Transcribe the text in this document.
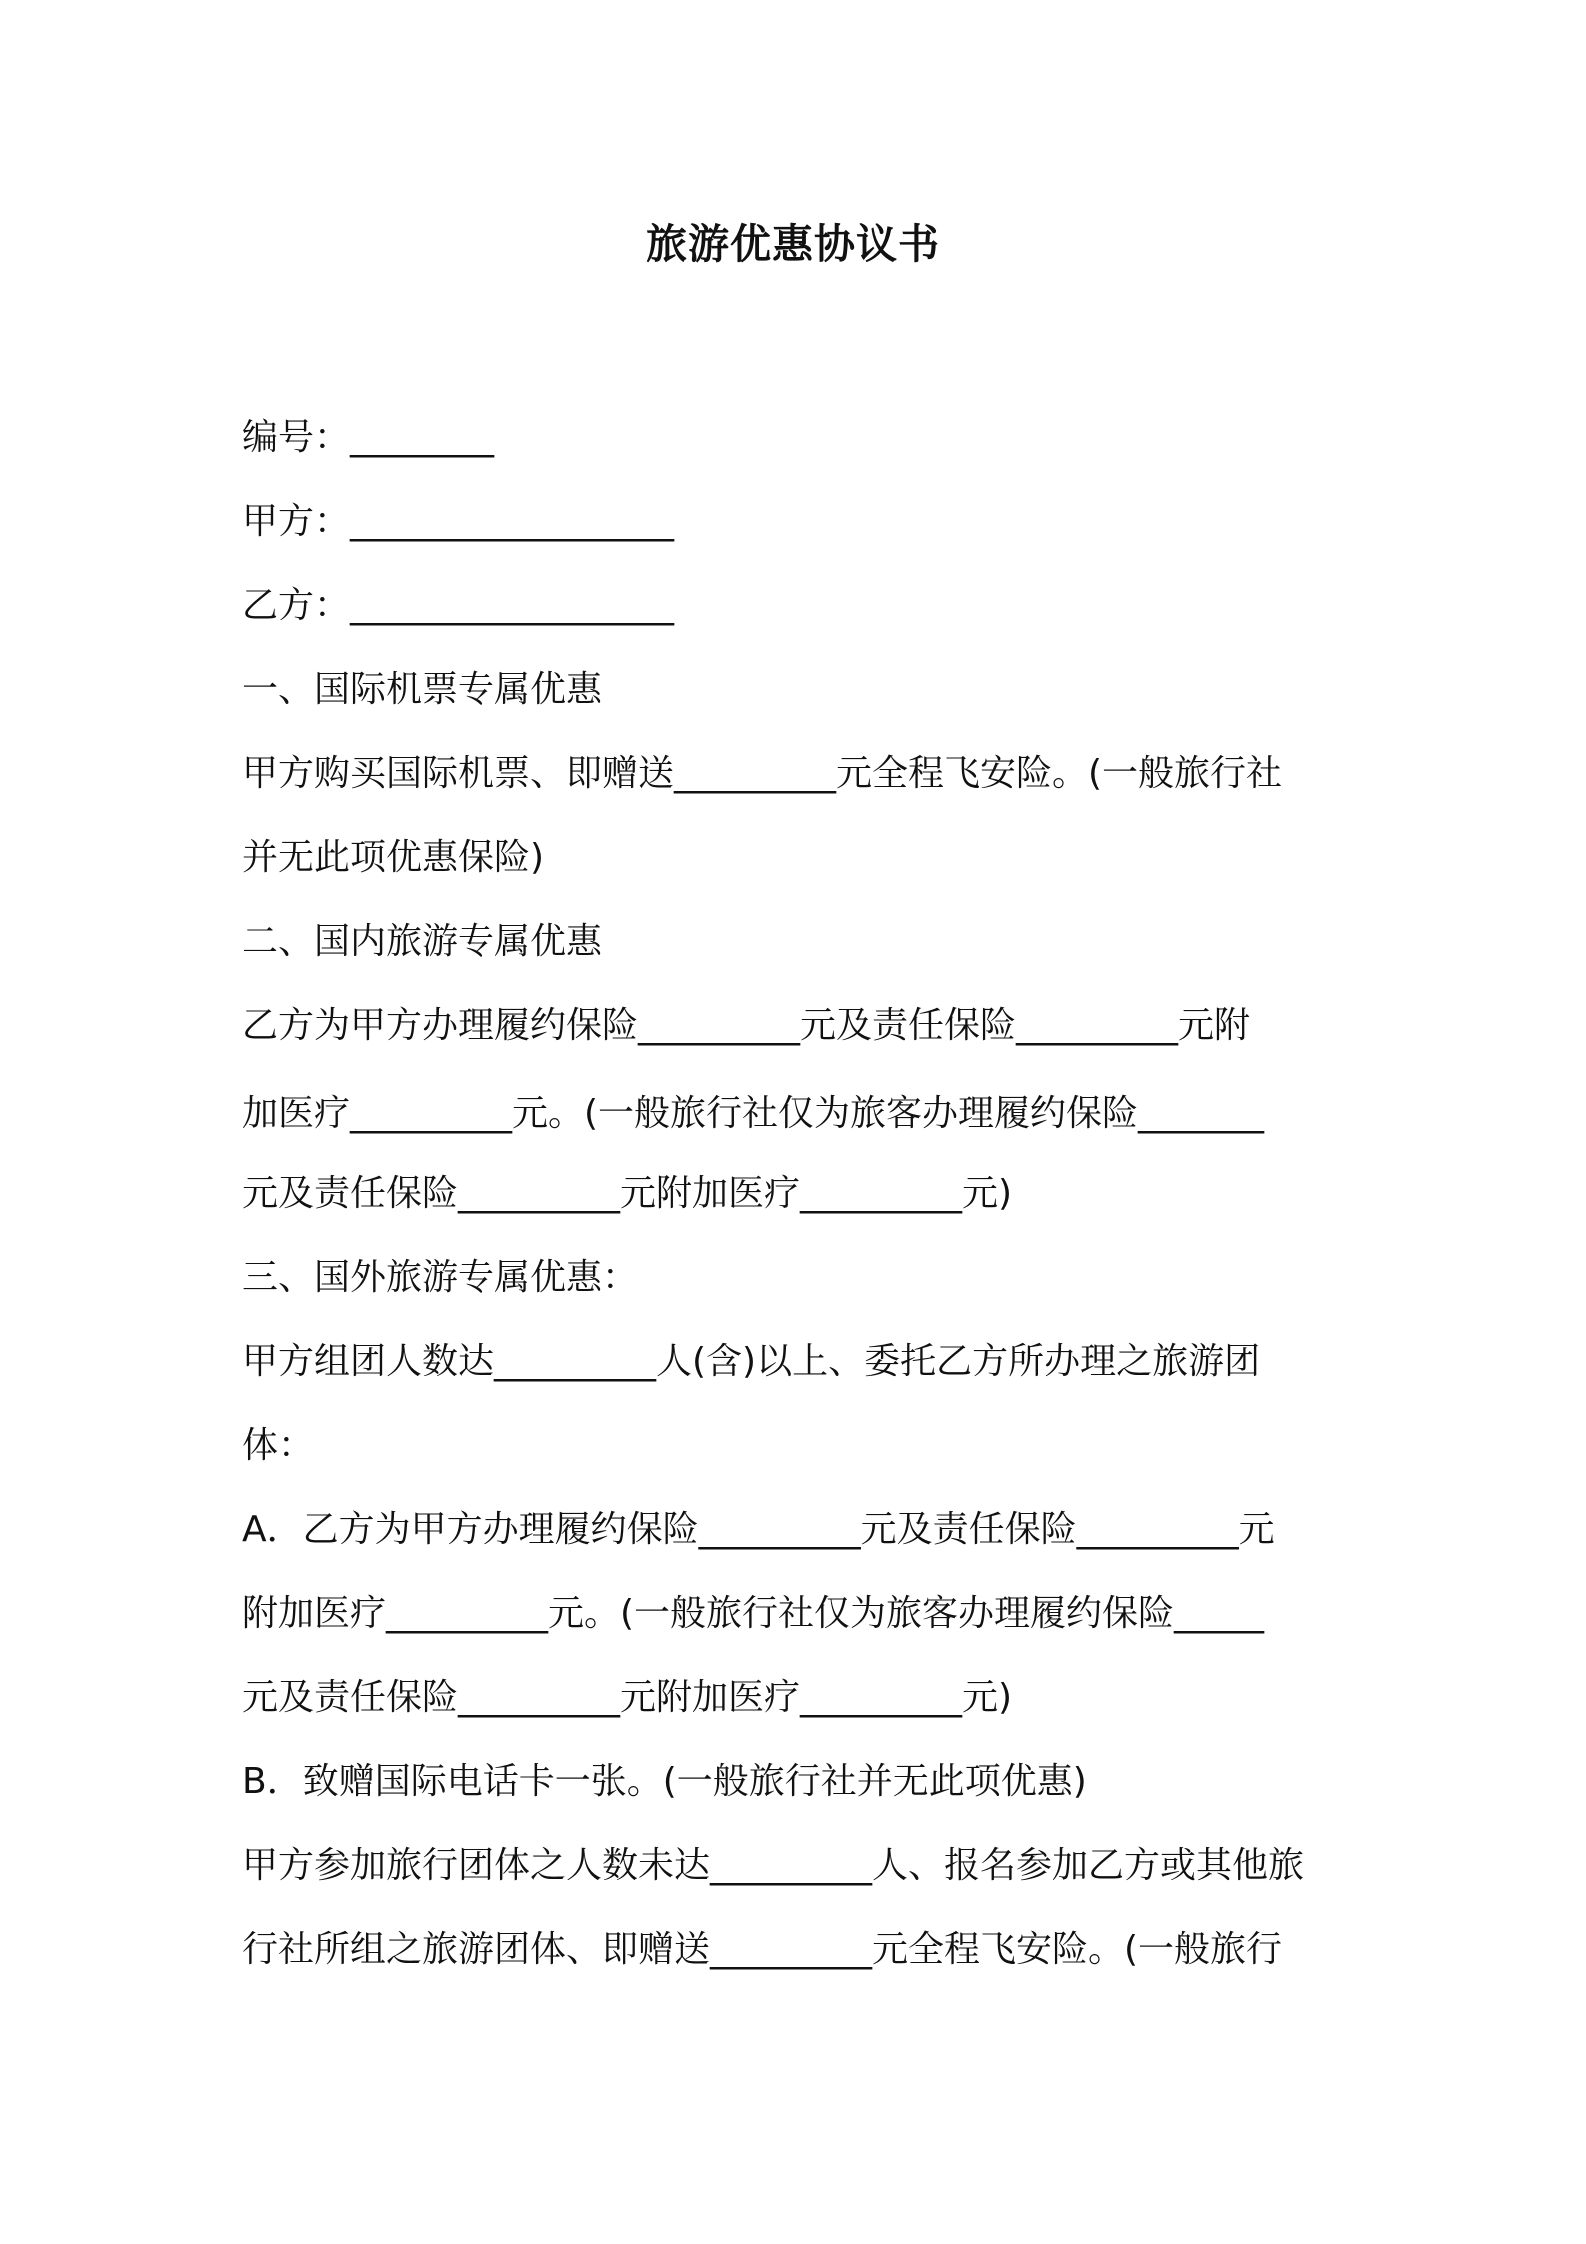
旅游优惠协议书
编号：________
甲方：__________________
乙方：__________________
一、国际机票专属优惠
甲方购买国际机票、即赠送_________元全程飞安险。(一般旅行社
并无此项优惠保险)
二、国内旅游专属优惠
乙方为甲方办理履约保险_________元及责任保险_________元附
加医疗_________元。(一般旅行社仅为旅客办理履约保险_______
元及责任保险_________元附加医疗_________元)
三、国外旅游专属优惠：
甲方组团人数达_________人(含)以上、委托乙方所办理之旅游团
体：
A．乙方为甲方办理履约保险_________元及责任保险_________元
附加医疗_________元。(一般旅行社仅为旅客办理履约保险_____
元及责任保险_________元附加医疗_________元)
B．致赠国际电话卡一张。(一般旅行社并无此项优惠)
甲方参加旅行团体之人数未达_________人、报名参加乙方或其他旅
行社所组之旅游团体、即赠送_________元全程飞安险。(一般旅行
